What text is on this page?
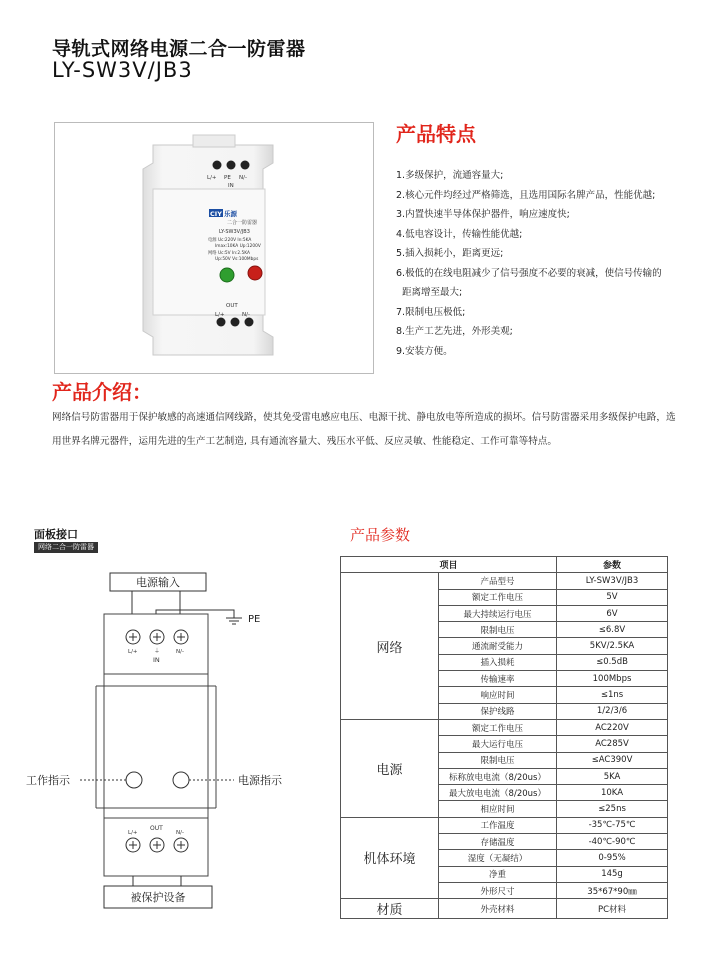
导轨式网络电源二合一防雷器
LY-SW3V/JB3
L/+ PE N/-
IN
CIY 乐源
二合一防雷器
LY-SW3V/JB3
电源 Uc:220V In:5KA
Imax:10KA Up:1200V
网络 Uc:5V In:2.5KA
Up:50V Vs:100Mbps
OUT
L/+	N/-
产品特点
1.多级保护，流通容量大;
2.核心元件均经过严格筛选，且选用国际名牌产品，性能优越;
3.内置快速半导体保护器件，响应速度快;
4.低电容设计，传输性能优越;
5.插入损耗小，距离更远;
6.极低的在线电阻减少了信号强度不必要的衰减，使信号传输的
距离增至最大;
7.限制电压极低;
8.生产工艺先进，外形美观;
9.安装方便。
产品介绍：
网络信号防雷器用于保护敏感的高速通信网线路，使其免受雷电感应电压、电源干扰、静电放电等所造成的损坏。信号防雷器采用多级保护电路，选用世界名牌元器件，运用先进的生产工艺制造, 具有通流容量大、残压水平低、反应灵敏、性能稳定、工作可靠等特点。
面板接口
网络二合一防雷器
电源输入
PE
L/+	⏚	N/-
IN
工作指示	电源指示
OUT
L/+	N/-
被保护设备
产品参数
项目		参数
网络	产品型号	LY-SW3V/JB3
	额定工作电压	5V
	最大持续运行电压	6V
	限制电压	≤6.8V
	通流耐受能力	5KV/2.5KA
	插入损耗	≤0.5dB
	传输速率	100Mbps
	响应时间	≤1ns
	保护线路	1/2/3/6
电源	额定工作电压	AC220V
	最大运行电压	AC285V
	限制电压	≤AC390V
	标称放电电流（8/20us）	5KA
	最大放电电流（8/20us）	10KA
	相应时间	≤25ns
机体环境	工作温度	-35℃-75℃
	存储温度	-40℃-90℃
	湿度（无凝结）	0-95%
	净重	145g
	外形尺寸	35*67*90㎜
材质	外壳材料	PC材料
